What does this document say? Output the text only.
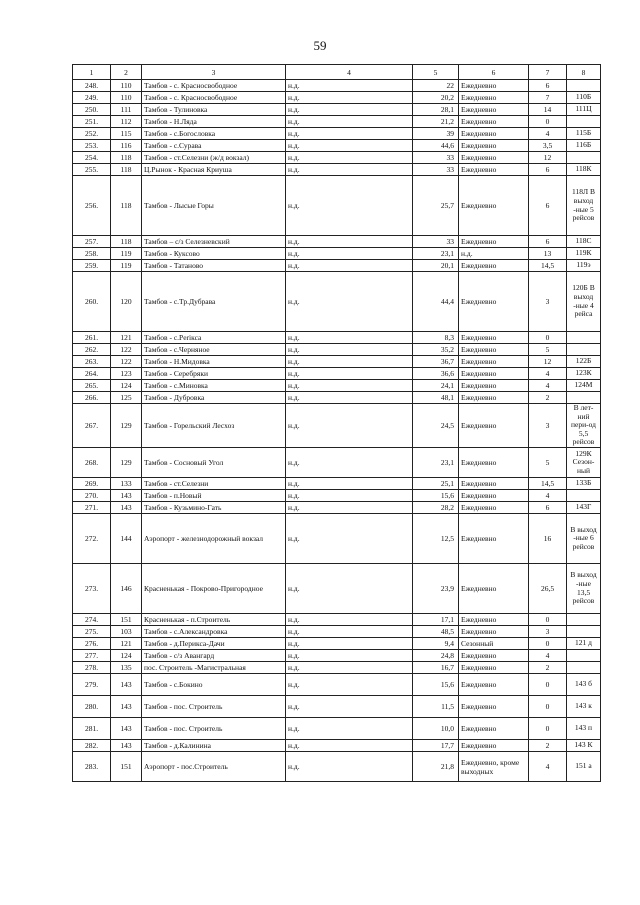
59
1	2	3	4	5	6	7	8
248.	110	Тамбов - с. Красносвободное	н.д.	22	Ежедневно	6	
249.	110	Тамбов - с. Красносвободное	н.д.	20,2	Ежедневно	7	110Б
250.	111	Тамбов - Тулиновка	н.д.	28,1	Ежедневно	14	111Ц
251.	112	Тамбов - Н.Ляда	н.д.	21,2	Ежедневно	0	
252.	115	Тамбов - с.Богословка	н.д.	39	Ежедневно	4	115Б
253.	116	Тамбов - с.Сурава	н.д.	44,6	Ежедневно	3,5	116Б
254.	118	Тамбов - ст.Селезни (ж/д вокзал)	н.д.	33	Ежедневно	12	
255.	118	Ц.Рынок - Красная Криуша	н.д.	33	Ежедневно	6	118К
256.	118	Тамбов - Лысые Горы	н.д.	25,7	Ежедневно	6	118Л В выход -ные 5 рейсов
257.	118	Тамбов – с/з Селезневский	н.д.	33	Ежедневно	6	118С
258.	119	Тамбов - Куксово	н.д.	23,1	н.д.	13	119К
259.	119	Тамбов - Татаново	н.д.	20,1	Ежедневно	14,5	119э
260.	120	Тамбов - с.Тр.Дубрава	н.д.	44,4	Ежедневно	3	120Б В выход -ные 4 рейса
261.	121	Тамбов - с.Periкса	н.д.	8,3	Ежедневно	0	
262.	122	Тамбов - с.Черняное	н.д.	35,2	Ежедневно	5	
263.	122	Тамбов - Н.Мидовка	н.д.	36,7	Ежедневно	12	122Б
264.	123	Тамбов - Серебряки	н.д.	36,6	Ежедневно	4	123К
265.	124	Тамбов - с.Миновка	н.д.	24,1	Ежедневно	4	124М
266.	125	Тамбов - Дубровка	н.д.	48,1	Ежедневно	2	
267.	129	Тамбов - Горельский Лесхоз	н.д.	24,5	Ежедневно	3	В лет-ний пери-од 5,5 рейсов
268.	129	Тамбов - Сосновый Угол	н.д.	23,1	Ежедневно	5	129К Сезон-ный
269.	133	Тамбов - ст.Селезни	н.д.	25,1	Ежедневно	14,5	133Б
270.	143	Тамбов - п.Новый	н.д.	15,6	Ежедневно	4	
271.	143	Тамбов - Кузьмино-Гать	н.д.	28,2	Ежедневно	6	143Г
272.	144	Аэропорт - железнодорожный вокзал	н.д.	12,5	Ежедневно	16	В выход -ные 6 рейсов
273.	146	Красненькая - Покрово-Пригородное	н.д.	23,9	Ежедневно	26,5	В выход -ные 13,5 рейсов
274.	151	Красненькая - п.Строитель	н.д.	17,1	Ежедневно	0	
275.	103	Тамбов - с.Александровка	н.д.	48,5	Ежедневно	3	
276.	121	Тамбов - д.Перикса-Дачи	н.д.	9,4	Сезонный	0	121 д
277.	124	Тамбов - с/з Авангард	н.д.	24,8	Ежедневно	4	
278.	135	пос. Строитель -Магистральная	н.д.	16,7	Ежедневно	2	
279.	143	Тамбов - с.Бокино	н.д.	15,6	Ежедневно	0	143 б
280.	143	Тамбов - пос. Строитель	н.д.	11,5	Ежедневно	0	143 к
281.	143	Тамбов - пос. Строитель	н.д.	10,0	Ежедневно	0	143 п
282.	143	Тамбов - д.Калинина	н.д.	17,7	Ежедневно	2	143 К
283.	151	Аэропорт - пос.Строитель	н.д.	21,8	Ежедневно, кроме выходных	4	151 а
